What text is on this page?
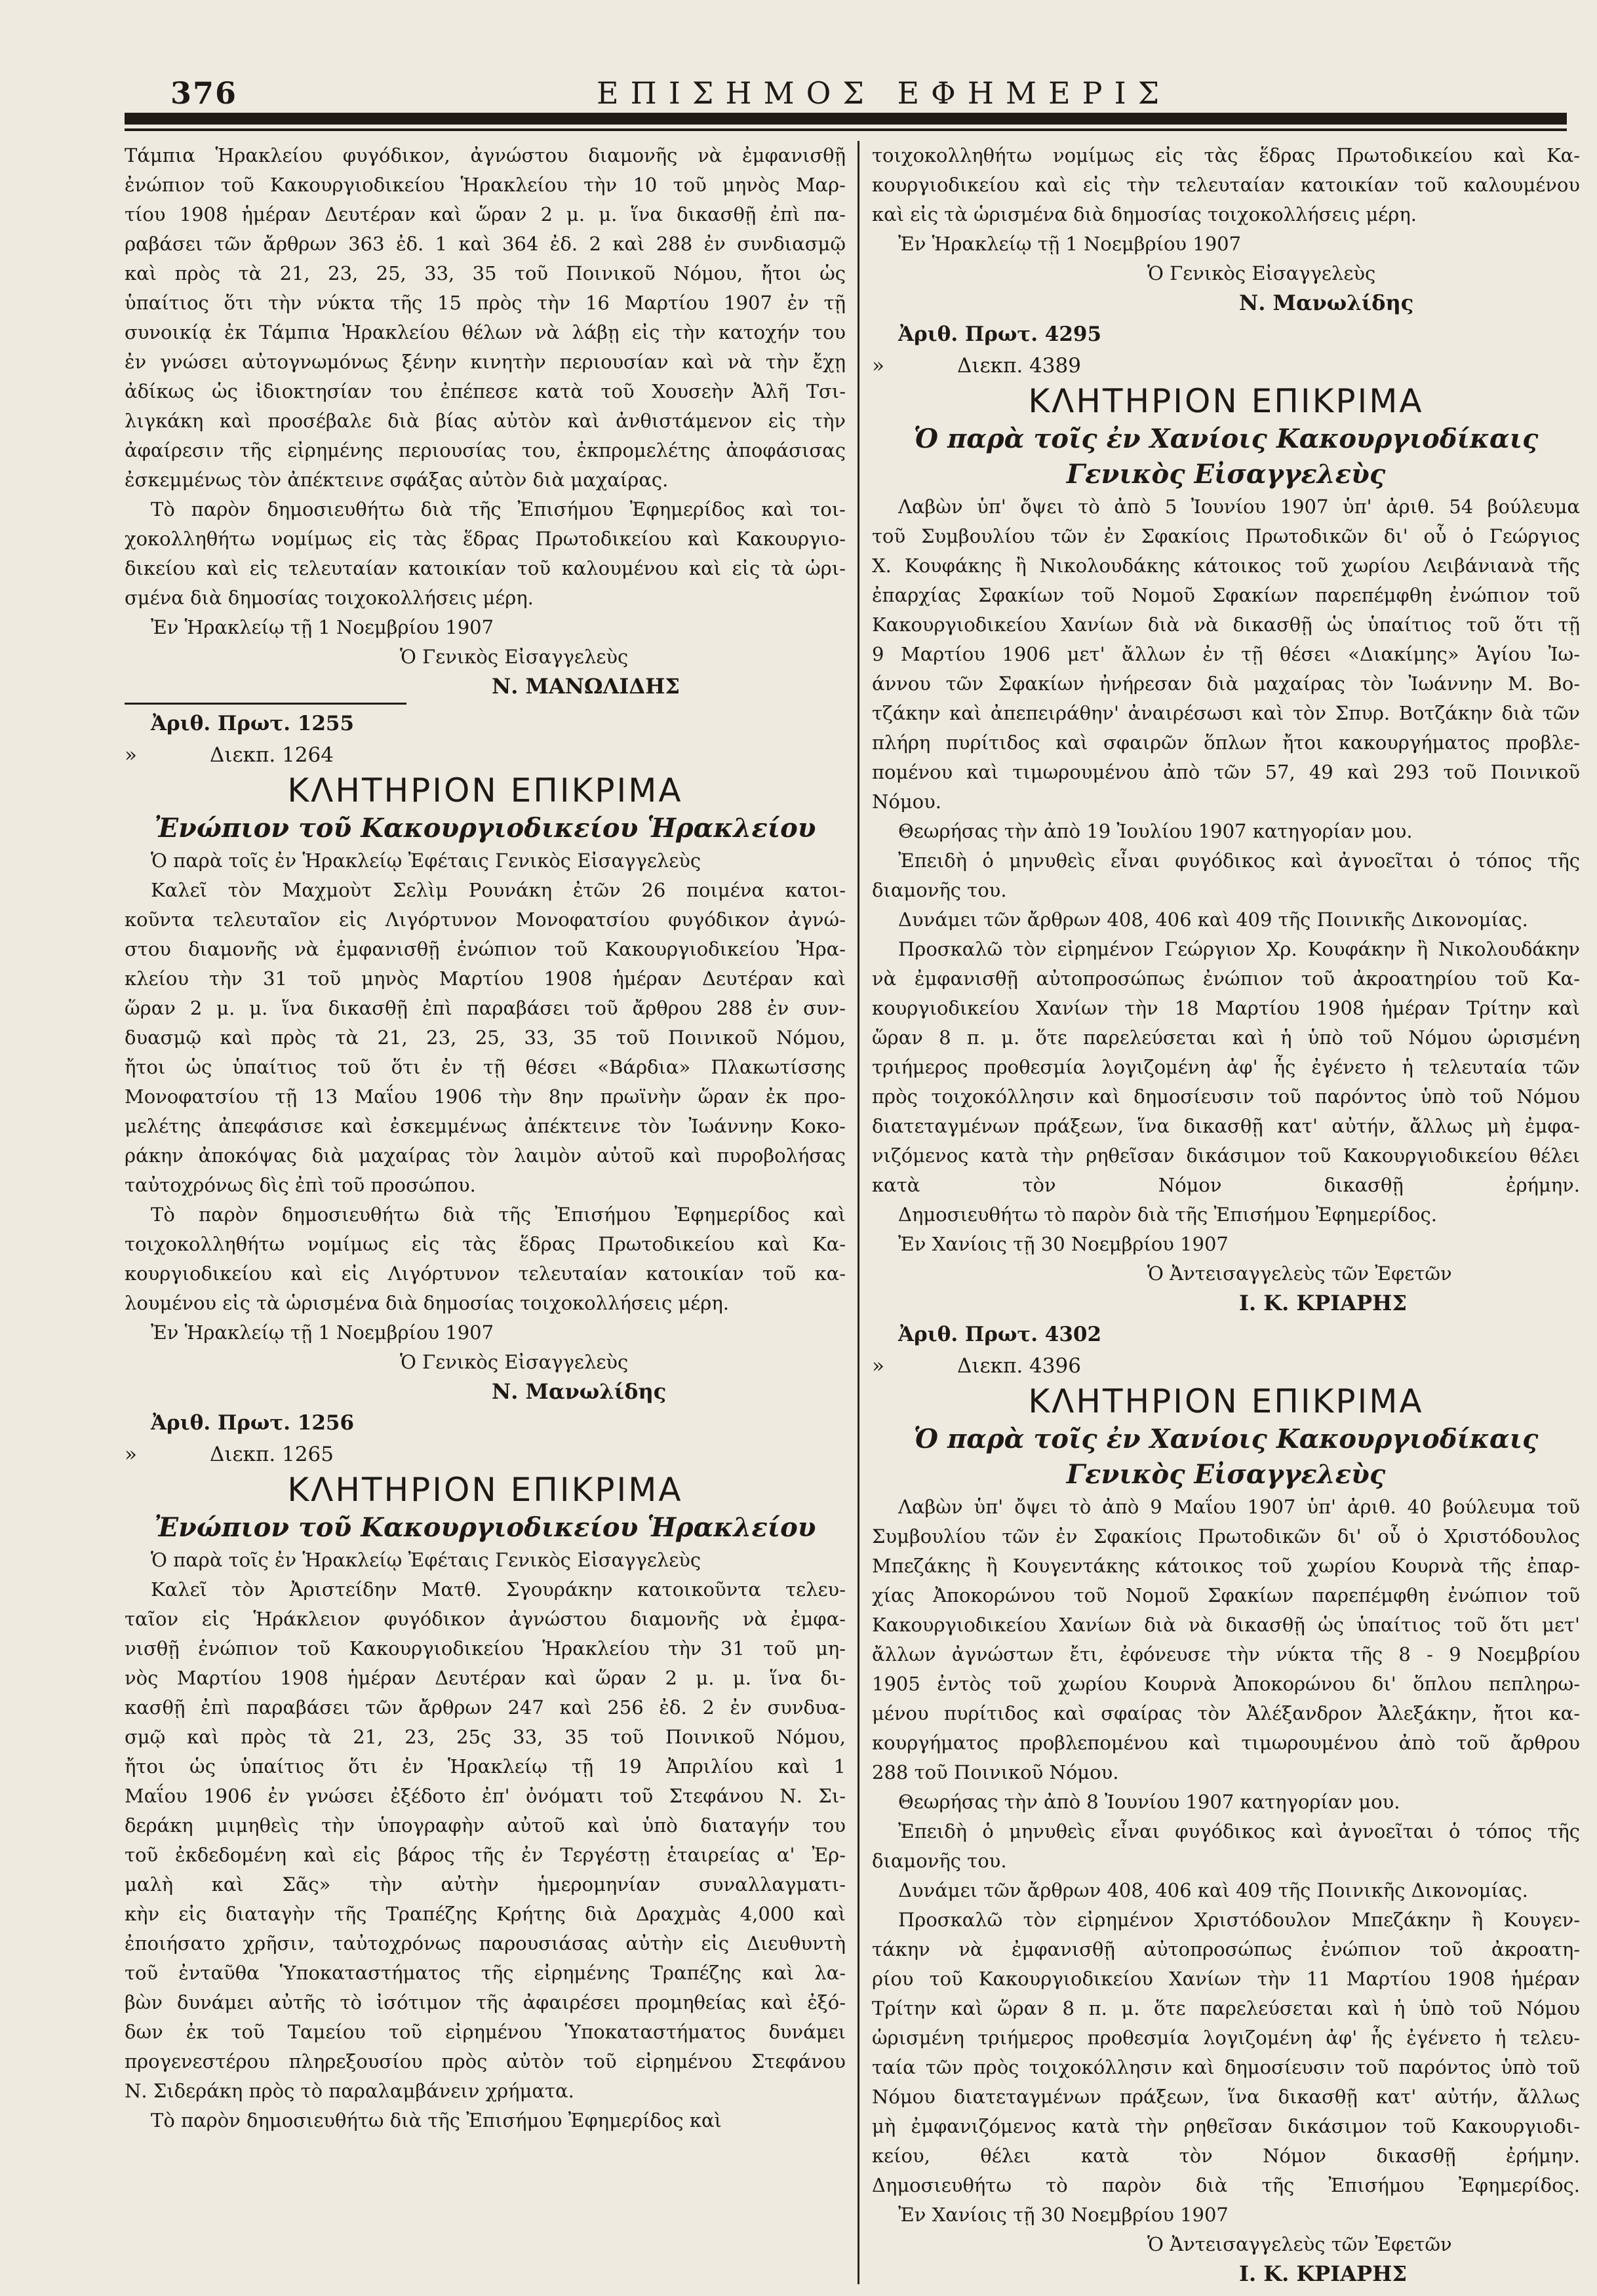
376	ΕΠΙΣΗΜΟΣ ΕΦΗΜΕΡΙΣ
Τάμπια Ἡρακλείου φυγόδικον, ἀγνώστου διαμονῆς νὰ ἐμφανισθῇ
ἐνώπιον τοῦ Κακουργιοδικείου Ἡρακλείου τὴν 10 τοῦ μηνὸς Μαρ-
τίου 1908 ἡμέραν Δευτέραν καὶ ὥραν 2 μ. μ. ἵνα δικασθῇ ἐπὶ πα-
ραβάσει τῶν ἄρθρων 363 ἐδ. 1 καὶ 364 ἐδ. 2 καὶ 288 ἐν συνδιασμῷ
καὶ πρὸς τὰ 21, 23, 25, 33, 35 τοῦ Ποινικοῦ Νόμου, ἤτοι ὡς
ὑπαίτιος ὅτι τὴν νύκτα τῆς 15 πρὸς τὴν 16 Μαρτίου 1907 ἐν τῇ
συνοικίᾳ ἐκ Τάμπια Ἡρακλείου θέλων νὰ λάβῃ εἰς τὴν κατοχήν του
ἐν γνώσει αὐτογνωμόνως ξένην κινητὴν περιουσίαν καὶ νὰ τὴν ἔχῃ
ἀδίκως ὡς ἰδιοκτησίαν του ἐπέπεσε κατὰ τοῦ Χουσεὴν Ἀλῆ Τσι-
λιγκάκη καὶ προσέβαλε διὰ βίας αὐτὸν καὶ ἀνθιστάμενον εἰς τὴν
ἀφαίρεσιν τῆς εἰρημένης περιουσίας του, ἐκπρομελέτης ἀποφάσισας
ἐσκεμμένως τὸν ἀπέκτεινε σφάξας αὐτὸν διὰ μαχαίρας.
Τὸ παρὸν δημοσιευθήτω διὰ τῆς Ἐπισήμου Ἐφημερίδος καὶ τοι-
χοκολληθήτω νομίμως εἰς τὰς ἕδρας Πρωτοδικείου καὶ Κακουργιο-
δικείου καὶ εἰς τελευταίαν κατοικίαν τοῦ καλουμένου καὶ εἰς τὰ ὡρι-
σμένα διὰ δημοσίας τοιχοκολλήσεις μέρη.
Ἐν Ἡρακλείῳ τῇ 1 Νοεμβρίου 1907
Ὁ Γενικὸς Εἰσαγγελεὺς
Ν. ΜΑΝΩΛΙΔΗΣ
Ἀριθ. Πρωτ. 1255
»	Διεκπ. 1264
ΚΛΗΤΗΡΙΟΝ ΕΠΙΚΡΙΜΑ
Ἐνώπιον τοῦ Κακουργιοδικείου Ἡρακλείου
Ὁ παρὰ τοῖς ἐν Ἡρακλείῳ Ἐφέταις Γενικὸς Εἰσαγγελεὺς
Καλεῖ τὸν Μαχμοὺτ Σελὶμ Ρουνάκη ἐτῶν 26 ποιμένα κατοι-
κοῦντα τελευταῖον εἰς Λιγόρτυνον Μονοφατσίου φυγόδικον ἀγνώ-
στου διαμονῆς νὰ ἐμφανισθῇ ἐνώπιον τοῦ Κακουργιοδικείου Ἡρα-
κλείου τὴν 31 τοῦ μηνὸς Μαρτίου 1908 ἡμέραν Δευτέραν καὶ
ὥραν 2 μ. μ. ἵνα δικασθῇ ἐπὶ παραβάσει τοῦ ἄρθρου 288 ἐν συν-
δυασμῷ καὶ πρὸς τὰ 21, 23, 25, 33, 35 τοῦ Ποινικοῦ Νόμου,
ἤτοι ὡς ὑπαίτιος τοῦ ὅτι ἐν τῇ θέσει «Βάρδια» Πλακωτίσσης
Μονοφατσίου τῇ 13 Μαΐου 1906 τὴν 8ην πρωϊνὴν ὥραν ἐκ προ-
μελέτης ἀπεφάσισε καὶ ἐσκεμμένως ἀπέκτεινε τὸν Ἰωάννην Κοκο-
ράκην ἀποκόψας διὰ μαχαίρας τὸν λαιμὸν αὐτοῦ καὶ πυροβολήσας
ταὐτοχρόνως δὶς ἐπὶ τοῦ προσώπου.
Τὸ παρὸν δημοσιευθήτω διὰ τῆς Ἐπισήμου Ἐφημερίδος καὶ
τοιχοκολληθήτω νομίμως εἰς τὰς ἕδρας Πρωτοδικείου καὶ Κα-
κουργιοδικείου καὶ εἰς Λιγόρτυνον τελευταίαν κατοικίαν τοῦ κα-
λουμένου εἰς τὰ ὡρισμένα διὰ δημοσίας τοιχοκολλήσεις μέρη.
Ἐν Ἡρακλείῳ τῇ 1 Νοεμβρίου 1907
Ὁ Γενικὸς Εἰσαγγελεὺς
Ν. Μανωλίδης
Ἀριθ. Πρωτ. 1256
»	Διεκπ. 1265
ΚΛΗΤΗΡΙΟΝ ΕΠΙΚΡΙΜΑ
Ἐνώπιον τοῦ Κακουργιοδικείου Ἡρακλείου
Ὁ παρὰ τοῖς ἐν Ἡρακλείῳ Ἐφέταις Γενικὸς Εἰσαγγελεὺς
Καλεῖ τὸν Ἀριστείδην Ματθ. Σγουράκην κατοικοῦντα τελευ-
ταῖον εἰς Ἡράκλειον φυγόδικον ἀγνώστου διαμονῆς νὰ ἐμφα-
νισθῇ ἐνώπιον τοῦ Κακουργιοδικείου Ἡρακλείου τὴν 31 τοῦ μη-
νὸς Μαρτίου 1908 ἡμέραν Δευτέραν καὶ ὥραν 2 μ. μ. ἵνα δι-
κασθῇ ἐπὶ παραβάσει τῶν ἄρθρων 247 καὶ 256 ἐδ. 2 ἐν συνδυα-
σμῷ καὶ πρὸς τὰ 21, 23, 25ς 33, 35 τοῦ Ποινικοῦ Νόμου,
ἤτοι ὡς ὑπαίτιος ὅτι ἐν Ἡρακλείῳ τῇ 19 Ἀπριλίου καὶ 1
Μαΐου 1906 ἐν γνώσει ἐξέδοτο ἐπ' ὀνόματι τοῦ Στεφάνου Ν. Σι-
δεράκη μιμηθεὶς τὴν ὑπογραφὴν αὐτοῦ καὶ ὑπὸ διαταγήν του
τοῦ ἐκδεδομένη καὶ εἰς βάρος τῆς ἐν Τεργέστῃ ἑταιρείας α' Ἐρ-
μαλὴ καὶ Σᾶς» τὴν αὐτὴν ἡμερομηνίαν συναλλαγματι-
κὴν εἰς διαταγὴν τῆς Τραπέζης Κρήτης διὰ Δραχμὰς 4,000 καὶ
ἐποιήσατο χρῆσιν, ταὐτοχρόνως παρουσιάσας αὐτὴν εἰς Διευθυντὴ
τοῦ ἐνταῦθα Ὑποκαταστήματος τῆς εἰρημένης Τραπέζης καὶ λα-
βὼν δυνάμει αὐτῆς τὸ ἰσότιμον τῆς ἀφαιρέσει προμηθείας καὶ ἐξό-
δων ἐκ τοῦ Ταμείου τοῦ εἰρημένου Ὑποκαταστήματος δυνάμει
προγενεστέρου πληρεξουσίου πρὸς αὐτὸν τοῦ εἰρημένου Στεφάνου
Ν. Σιδεράκη πρὸς τὸ παραλαμβάνειν χρήματα.
Τὸ παρὸν δημοσιευθήτω διὰ τῆς Ἐπισήμου Ἐφημερίδος καὶ
τοιχοκολληθήτω νομίμως εἰς τὰς ἕδρας Πρωτοδικείου καὶ Κα-
κουργιοδικείου καὶ εἰς τὴν τελευταίαν κατοικίαν τοῦ καλουμένου
καὶ εἰς τὰ ὡρισμένα διὰ δημοσίας τοιχοκολλήσεις μέρη.
Ἐν Ἡρακλείῳ τῇ 1 Νοεμβρίου 1907
Ὁ Γενικὸς Εἰσαγγελεὺς
Ν. Μανωλίδης
Ἀριθ. Πρωτ. 4295
»	Διεκπ. 4389
ΚΛΗΤΗΡΙΟΝ ΕΠΙΚΡΙΜΑ
Ὁ παρὰ τοῖς ἐν Χανίοις Κακουργιοδίκαις
Γενικὸς Εἰσαγγελεὺς
Λαβὼν ὑπ' ὄψει τὸ ἀπὸ 5 Ἰουνίου 1907 ὑπ' ἀριθ. 54 βούλευμα
τοῦ Συμβουλίου τῶν ἐν Σφακίοις Πρωτοδικῶν δι' οὗ ὁ Γεώργιος
Χ. Κουφάκης ἢ Νικολουδάκης κάτοικος τοῦ χωρίου Λειβάνιανὰ τῆς
ἐπαρχίας Σφακίων τοῦ Νομοῦ Σφακίων παρεπέμφθη ἐνώπιον τοῦ
Κακουργιοδικείου Χανίων διὰ νὰ δικασθῇ ὡς ὑπαίτιος τοῦ ὅτι τῇ
9 Μαρτίου 1906 μετ' ἄλλων ἐν τῇ θέσει «Διακίμης» Ἁγίου Ἰω-
άννου τῶν Σφακίων ἠνήρεσαν διὰ μαχαίρας τὸν Ἰωάννην Μ. Βο-
τζάκην καὶ ἀπεπειράθην' ἀναιρέσωσι καὶ τὸν Σπυρ. Βοτζάκην διὰ τῶν
πλήρη πυρίτιδος καὶ σφαιρῶν ὅπλων ἤτοι κακουργήματος προβλε-
πομένου καὶ τιμωρουμένου ἀπὸ τῶν 57, 49 καὶ 293 τοῦ Ποινικοῦ
Νόμου.
Θεωρήσας τὴν ἀπὸ 19 Ἰουλίου 1907 κατηγορίαν μου.
Ἐπειδὴ ὁ μηνυθεὶς εἶναι φυγόδικος καὶ ἀγνοεῖται ὁ τόπος τῆς
διαμονῆς του.
Δυνάμει τῶν ἄρθρων 408, 406 καὶ 409 τῆς Ποινικῆς Δικονομίας.
Προσκαλῶ τὸν εἰρημένον Γεώργιον Χρ. Κουφάκην ἢ Νικολουδάκην
νὰ ἐμφανισθῇ αὐτοπροσώπως ἐνώπιον τοῦ ἀκροατηρίου τοῦ Κα-
κουργιοδικείου Χανίων τὴν 18 Μαρτίου 1908 ἡμέραν Τρίτην καὶ
ὥραν 8 π. μ. ὅτε παρελεύσεται καὶ ἡ ὑπὸ τοῦ Νόμου ὡρισμένη
τριήμερος προθεσμία λογιζομένη ἀφ' ἧς ἐγένετο ἡ τελευταία τῶν
πρὸς τοιχοκόλλησιν καὶ δημοσίευσιν τοῦ παρόντος ὑπὸ τοῦ Νόμου
διατεταγμένων πράξεων, ἵνα δικασθῇ κατ' αὐτήν, ἄλλως μὴ ἐμφα-
νιζόμενος κατὰ τὴν ρηθεῖσαν δικάσιμον τοῦ Κακουργιοδικείου θέλει
κατὰ τὸν Νόμον δικασθῇ ἐρήμην.
Δημοσιευθήτω τὸ παρὸν διὰ τῆς Ἐπισήμου Ἐφημερίδος.
Ἐν Χανίοις τῇ 30 Νοεμβρίου 1907
Ὁ Ἀντεισαγγελεὺς τῶν Ἐφετῶν
Ι. Κ. ΚΡΙΑΡΗΣ
Ἀριθ. Πρωτ. 4302
»	Διεκπ. 4396
ΚΛΗΤΗΡΙΟΝ ΕΠΙΚΡΙΜΑ
Ὁ παρὰ τοῖς ἐν Χανίοις Κακουργιοδίκαις
Γενικὸς Εἰσαγγελεὺς
Λαβὼν ὑπ' ὄψει τὸ ἀπὸ 9 Μαΐου 1907 ὑπ' ἀριθ. 40 βούλευμα τοῦ
Συμβουλίου τῶν ἐν Σφακίοις Πρωτοδικῶν δι' οὗ ὁ Χριστόδουλος
Μπεζάκης ἢ Κουγεντάκης κάτοικος τοῦ χωρίου Κουρνὰ τῆς ἐπαρ-
χίας Ἀποκορώνου τοῦ Νομοῦ Σφακίων παρεπέμφθη ἐνώπιον τοῦ
Κακουργιοδικείου Χανίων διὰ νὰ δικασθῇ ὡς ὑπαίτιος τοῦ ὅτι μετ'
ἄλλων ἀγνώστων ἔτι, ἐφόνευσε τὴν νύκτα τῆς 8 - 9 Νοεμβρίου
1905 ἐντὸς τοῦ χωρίου Κουρνὰ Ἀποκορώνου δι' ὅπλου πεπληρω-
μένου πυρίτιδος καὶ σφαίρας τὸν Ἀλέξανδρον Ἀλεξάκην, ἤτοι κα-
κουργήματος προβλεπομένου καὶ τιμωρουμένου ἀπὸ τοῦ ἄρθρου
288 τοῦ Ποινικοῦ Νόμου.
Θεωρήσας τὴν ἀπὸ 8 Ἰουνίου 1907 κατηγορίαν μου.
Ἐπειδὴ ὁ μηνυθεὶς εἶναι φυγόδικος καὶ ἀγνοεῖται ὁ τόπος τῆς
διαμονῆς του.
Δυνάμει τῶν ἄρθρων 408, 406 καὶ 409 τῆς Ποινικῆς Δικονομίας.
Προσκαλῶ τὸν εἰρημένον Χριστόδουλον Μπεζάκην ἢ Κουγεν-
τάκην νὰ ἐμφανισθῇ αὐτοπροσώπως ἐνώπιον τοῦ ἀκροατη-
ρίου τοῦ Κακουργιοδικείου Χανίων τὴν 11 Μαρτίου 1908 ἡμέραν
Τρίτην καὶ ὥραν 8 π. μ. ὅτε παρελεύσεται καὶ ἡ ὑπὸ τοῦ Νόμου
ὡρισμένη τριήμερος προθεσμία λογιζομένη ἀφ' ἧς ἐγένετο ἡ τελευ-
ταία τῶν πρὸς τοιχοκόλλησιν καὶ δημοσίευσιν τοῦ παρόντος ὑπὸ τοῦ
Νόμου διατεταγμένων πράξεων, ἵνα δικασθῇ κατ' αὐτήν, ἄλλως
μὴ ἐμφανιζόμενος κατὰ τὴν ρηθεῖσαν δικάσιμον τοῦ Κακουργιοδι-
κείου, θέλει κατὰ τὸν Νόμον δικασθῇ ἐρήμην.
Δημοσιευθήτω τὸ παρὸν διὰ τῆς Ἐπισήμου Ἐφημερίδος.
Ἐν Χανίοις τῇ 30 Νοεμβρίου 1907
Ὁ Ἀντεισαγγελεὺς τῶν Ἐφετῶν
Ι. Κ. ΚΡΙΑΡΗΣ
